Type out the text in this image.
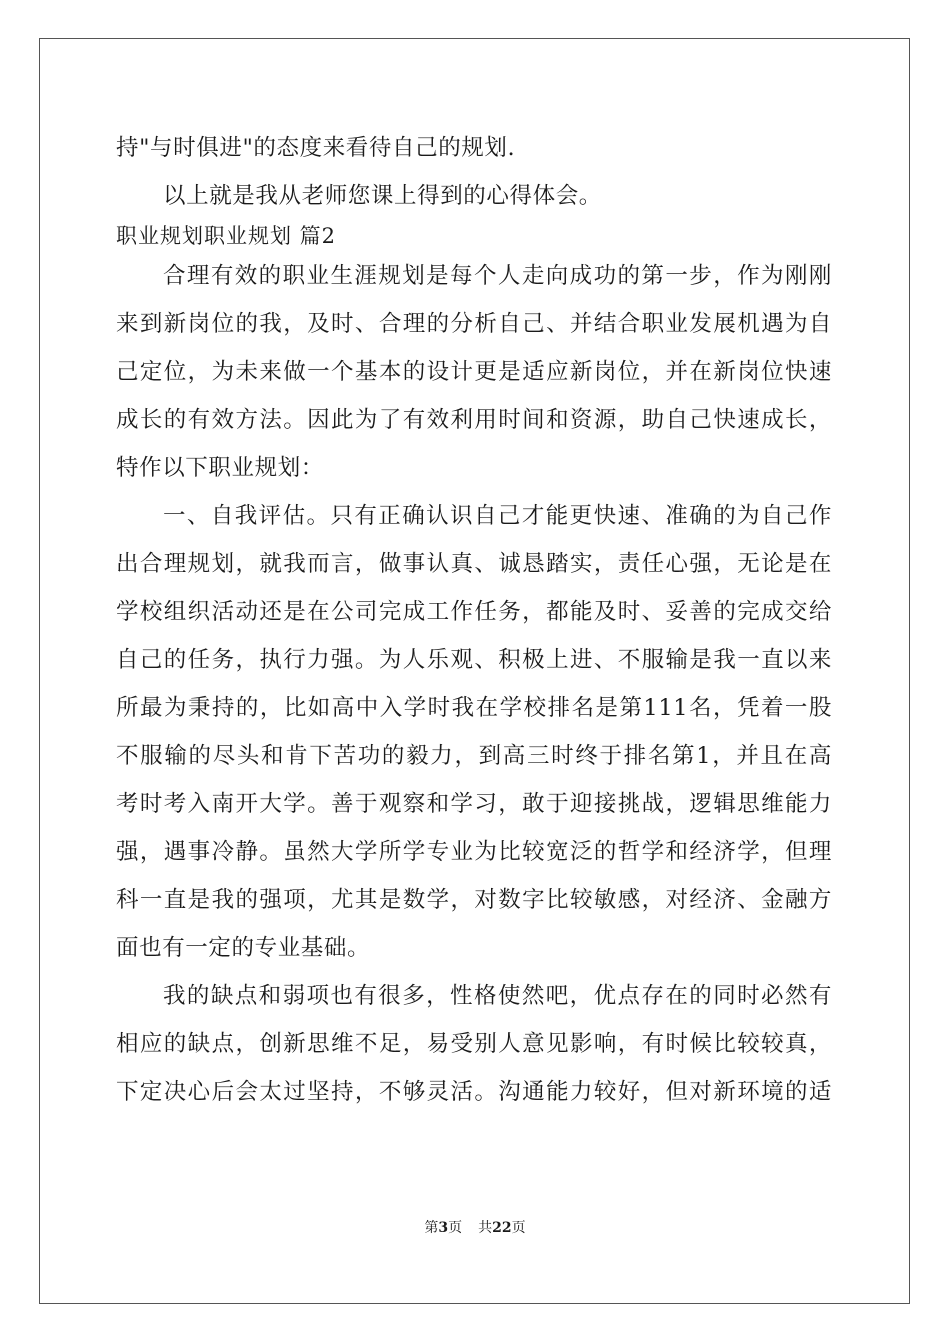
持"与时俱进"的态度来看待自己的规划.
以上就是我从老师您课上得到的心得体会。
职业规划职业规划 篇2
合理有效的职业生涯规划是每个人走向成功的第一步，作为刚刚
来到新岗位的我，及时、合理的分析自己、并结合职业发展机遇为自
己定位，为未来做一个基本的设计更是适应新岗位，并在新岗位快速
成长的有效方法。因此为了有效利用时间和资源，助自己快速成长，
特作以下职业规划：
一、自我评估。只有正确认识自己才能更快速、准确的为自己作
出合理规划，就我而言，做事认真、诚恳踏实，责任心强，无论是在
学校组织活动还是在公司完成工作任务，都能及时、妥善的完成交给
自己的任务，执行力强。为人乐观、积极上进、不服输是我一直以来
所最为秉持的，比如高中入学时我在学校排名是第111名，凭着一股
不服输的尽头和肯下苦功的毅力，到高三时终于排名第1，并且在高
考时考入南开大学。善于观察和学习，敢于迎接挑战，逻辑思维能力
强，遇事冷静。虽然大学所学专业为比较宽泛的哲学和经济学，但理
科一直是我的强项，尤其是数学，对数字比较敏感，对经济、金融方
面也有一定的专业基础。
我的缺点和弱项也有很多，性格使然吧，优点存在的同时必然有
相应的缺点，创新思维不足，易受别人意见影响，有时候比较较真，
下定决心后会太过坚持，不够灵活。沟通能力较好，但对新环境的适
第3页 共22页
